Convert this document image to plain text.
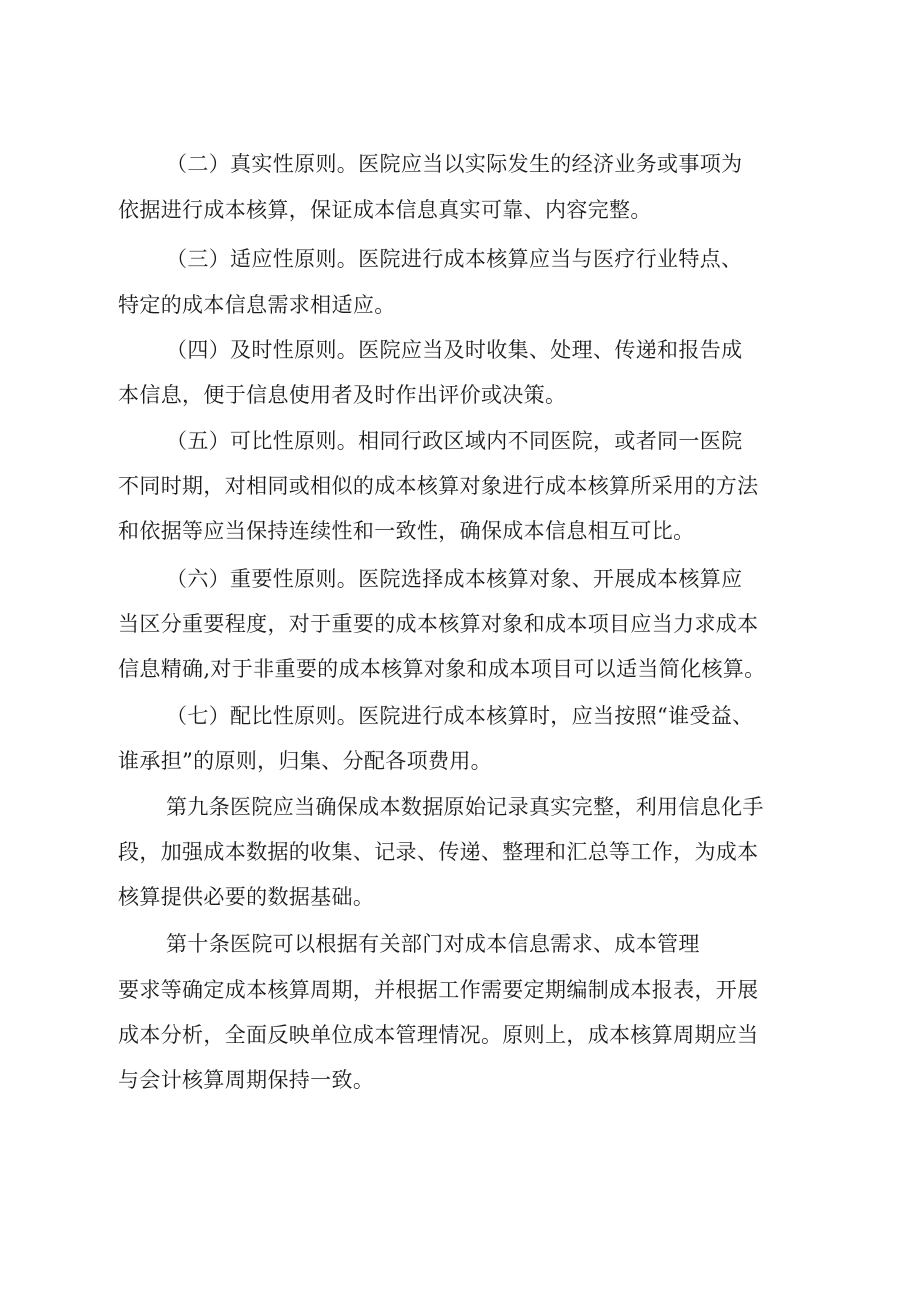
（二）真实性原则。医院应当以实际发生的经济业务或事项为
依据进行成本核算，保证成本信息真实可靠、内容完整。
（三）适应性原则。医院进行成本核算应当与医疗行业特点、
特定的成本信息需求相适应。
（四）及时性原则。医院应当及时收集、处理、传递和报告成
本信息，便于信息使用者及时作出评价或决策。
（五）可比性原则。相同行政区域内不同医院，或者同一医院
不同时期，对相同或相似的成本核算对象进行成本核算所采用的方法
和依据等应当保持连续性和一致性，确保成本信息相互可比。
（六）重要性原则。医院选择成本核算对象、开展成本核算应
当区分重要程度，对于重要的成本核算对象和成本项目应当力求成本
信息精确,对于非重要的成本核算对象和成本项目可以适当简化核算。
（七）配比性原则。医院进行成本核算时，应当按照“谁受益、
谁承担”的原则，归集、分配各项费用。
第九条医院应当确保成本数据原始记录真实完整，利用信息化手
段，加强成本数据的收集、记录、传递、整理和汇总等工作，为成本
核算提供必要的数据基础。
第十条医院可以根据有关部门对成本信息需求、成本管理
要求等确定成本核算周期，并根据工作需要定期编制成本报表，开展
成本分析，全面反映单位成本管理情况。原则上，成本核算周期应当
与会计核算周期保持一致。
